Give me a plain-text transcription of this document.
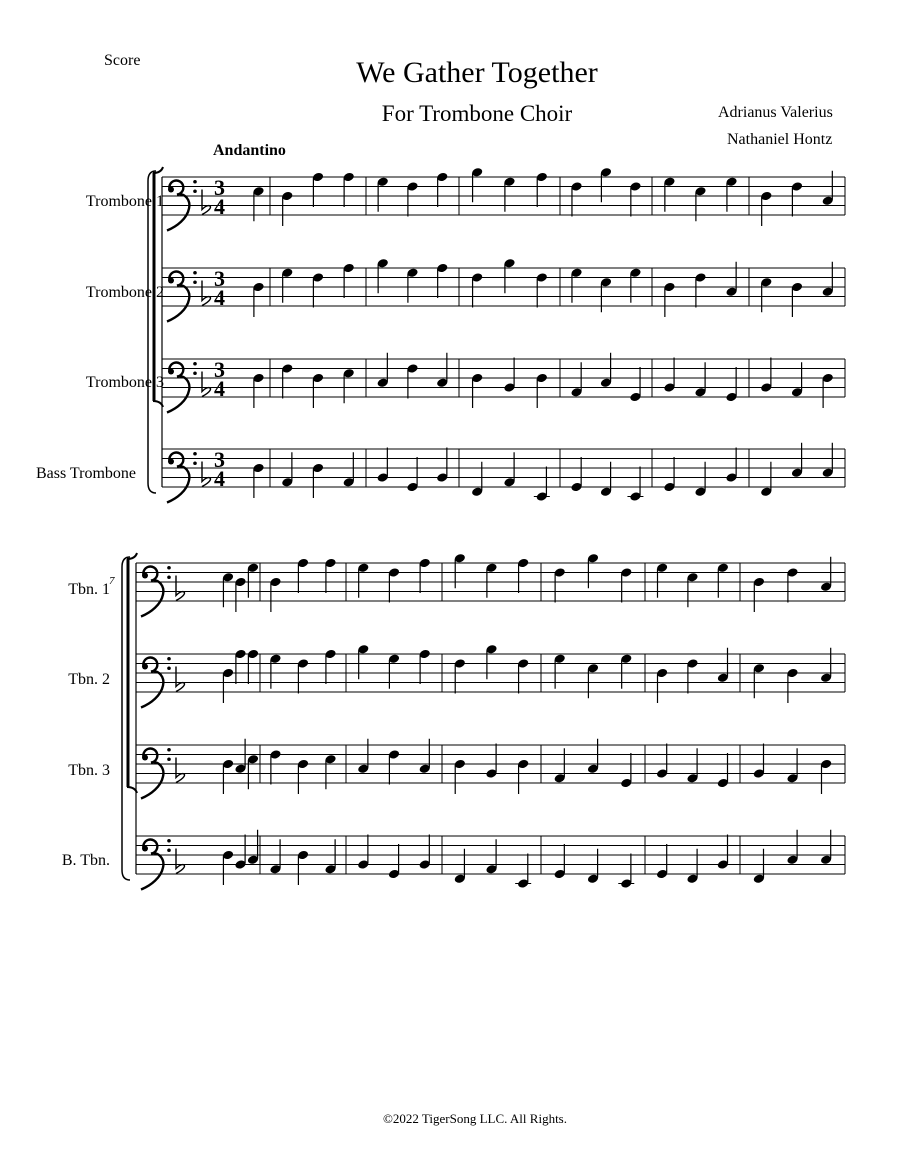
Score	We Gather Together
For Trombone Choir	Adrianus Valerius
Nathaniel Hontz
Andantino
Trombone 1
Trombone 2
Trombone 3
Bass Trombone
Tbn. 1
Tbn. 2
Tbn. 3
B. Tbn.
3
4
3
4
3
4
3
4
7
©2022 TigerSong LLC. All Rights.
